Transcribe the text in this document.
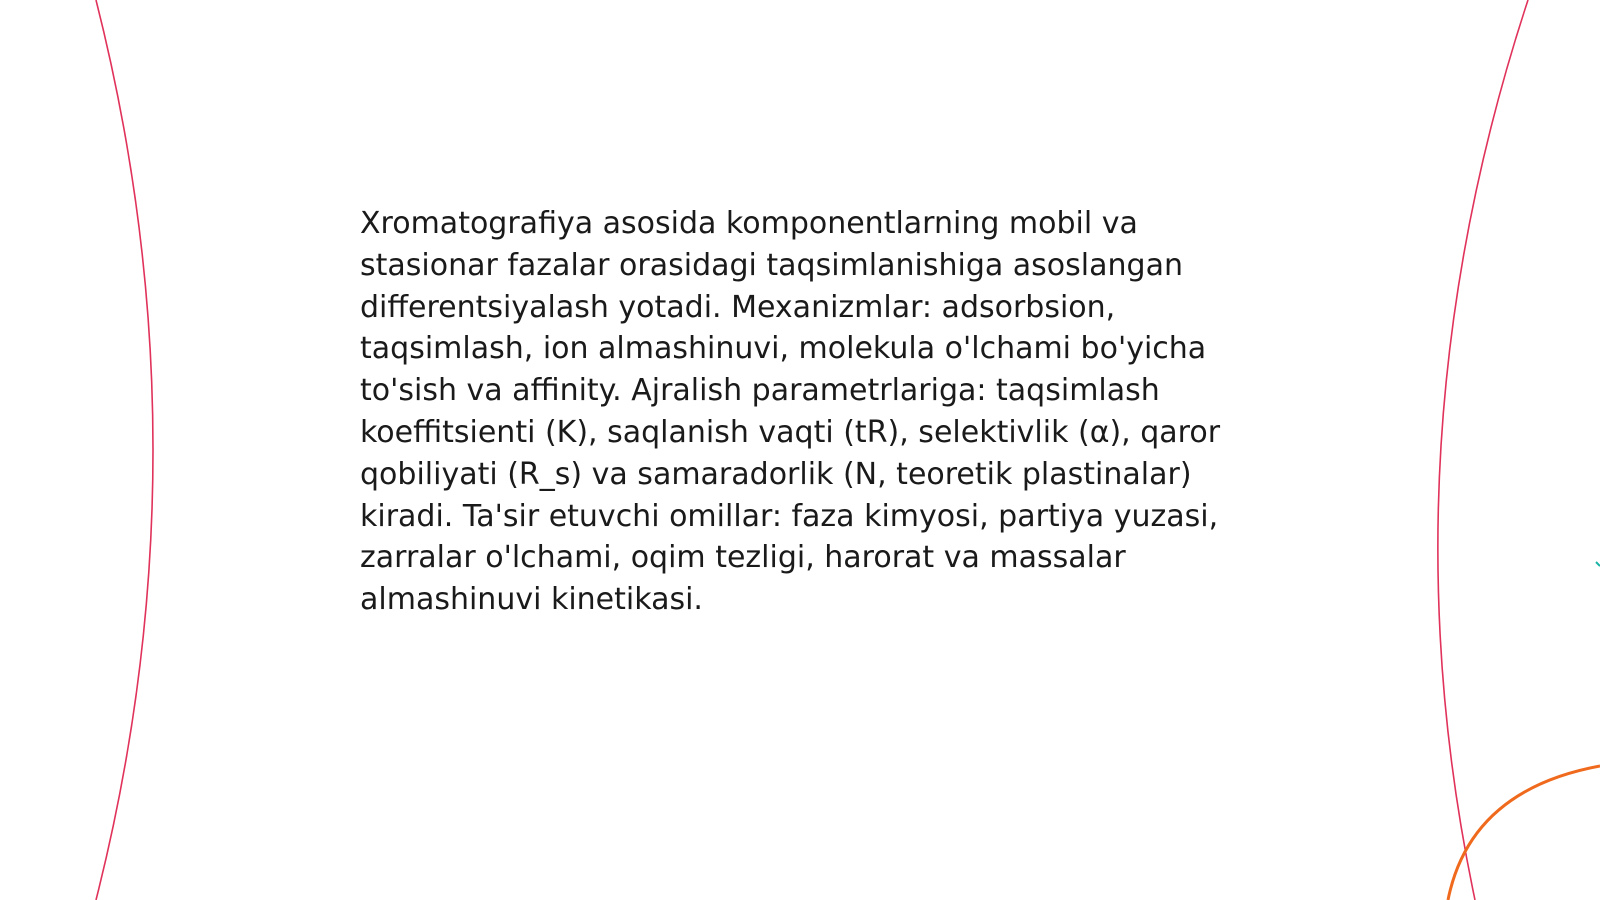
Xromatografiya asosida komponentlarning mobil va stasionar fazalar orasidagi taqsimlanishiga asoslangan differentsiyalash yotadi. Mexanizmlar: adsorbsion, taqsimlash, ion almashinuvi, molekula o'lchami bo'yicha to'sish va affinity. Ajralish parametrlariga: taqsimlash koeffitsienti (K), saqlanish vaqti (tR), selektivlik (α), qaror qobiliyati (R_s) va samaradorlik (N, teoretik plastinalar) kiradi. Ta'sir etuvchi omillar: faza kimyosi, partiya yuzasi, zarralar o'lchami, oqim tezligi, harorat va massalar almashinuvi kinetikasi.
